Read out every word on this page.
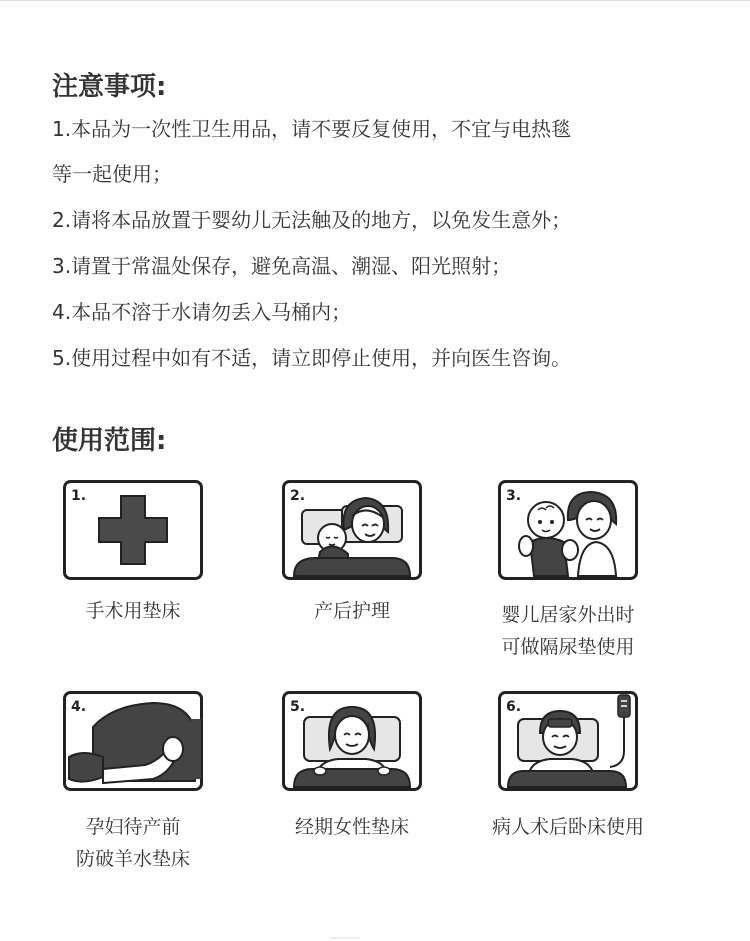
注意事项:
1.本品为一次性卫生用品，请不要反复使用，不宜与电热毯
等一起使用；
2.请将本品放置于婴幼儿无法触及的地方，以免发生意外；
3.请置于常温处保存，避免高温、潮湿、阳光照射；
4.本品不溶于水请勿丢入马桶内；
5.使用过程中如有不适，请立即停止使用，并向医生咨询。
使用范围:
1.
手术用垫床
2.
产后护理
3.
婴儿居家外出时
可做隔尿垫使用
4.
孕妇待产前
防破羊水垫床
5.
经期女性垫床
6.
病人术后卧床使用
